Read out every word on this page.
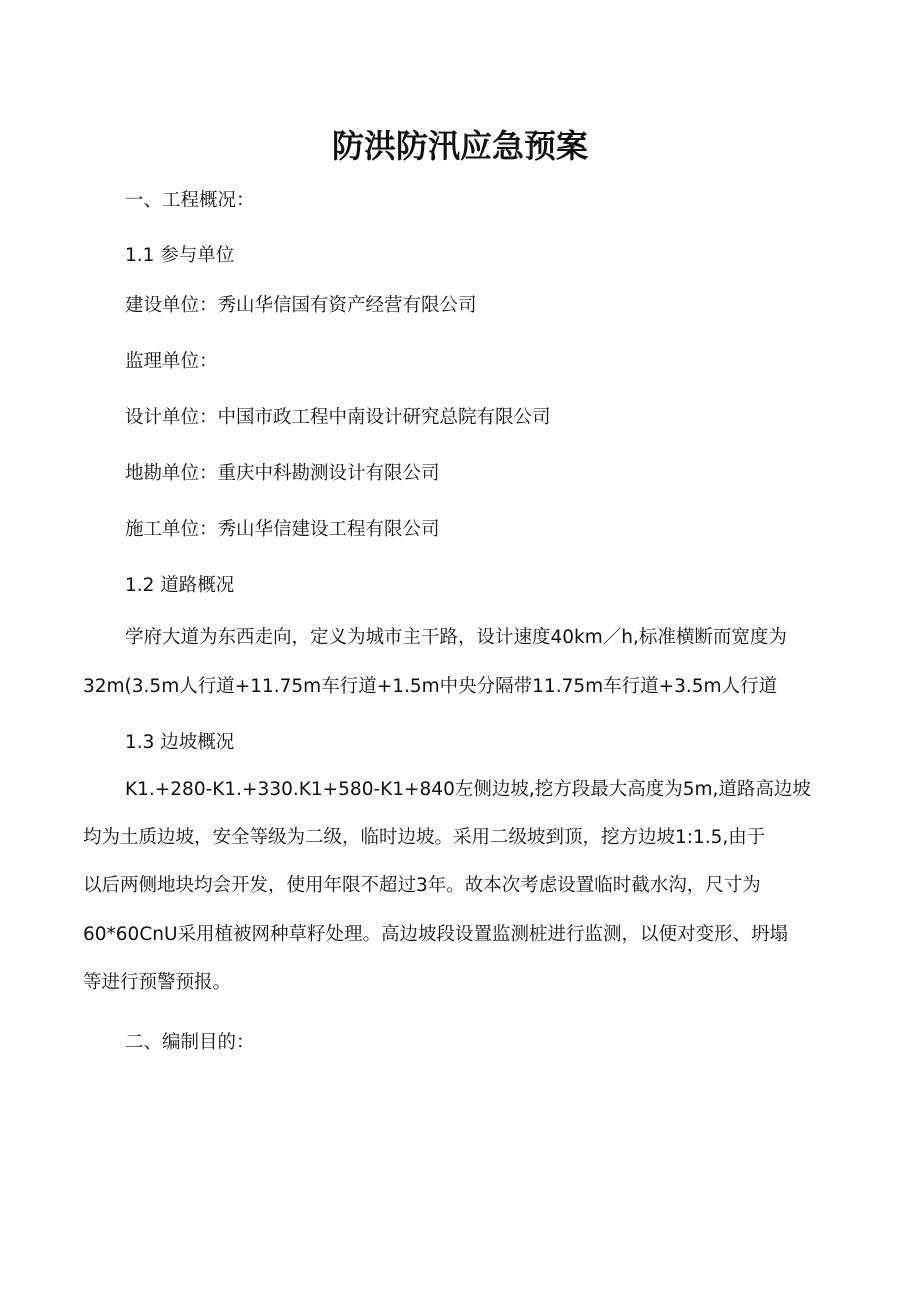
防洪防汛应急预案
一、工程概况：
1.1 参与单位
建设单位：秀山华信国有资产经营有限公司
监理单位：
设计单位：中国市政工程中南设计研究总院有限公司
地勘单位：重庆中科勘测设计有限公司
施工单位：秀山华信建设工程有限公司
1.2 道路概况
学府大道为东西走向，定义为城市主干路，设计速度40km／h,标准横断而宽度为
32m(3.5m人行道+11.75m车行道+1.5m中央分隔带11.75m车行道+3.5m人行道
1.3 边坡概况
K1.+280-K1.+330.K1+580-K1+840左侧边坡,挖方段最大高度为5m,道路高边坡
均为土质边坡，安全等级为二级，临时边坡。采用二级坡到顶，挖方边坡1:1.5,由于
以后两侧地块均会开发，使用年限不超过3年。故本次考虑设置临时截水沟，尺寸为
60*60CnU采用植被网种草籽处理。高边坡段设置监测桩进行监测，以便对变形、坍塌
等进行预警预报。
二、编制目的：
